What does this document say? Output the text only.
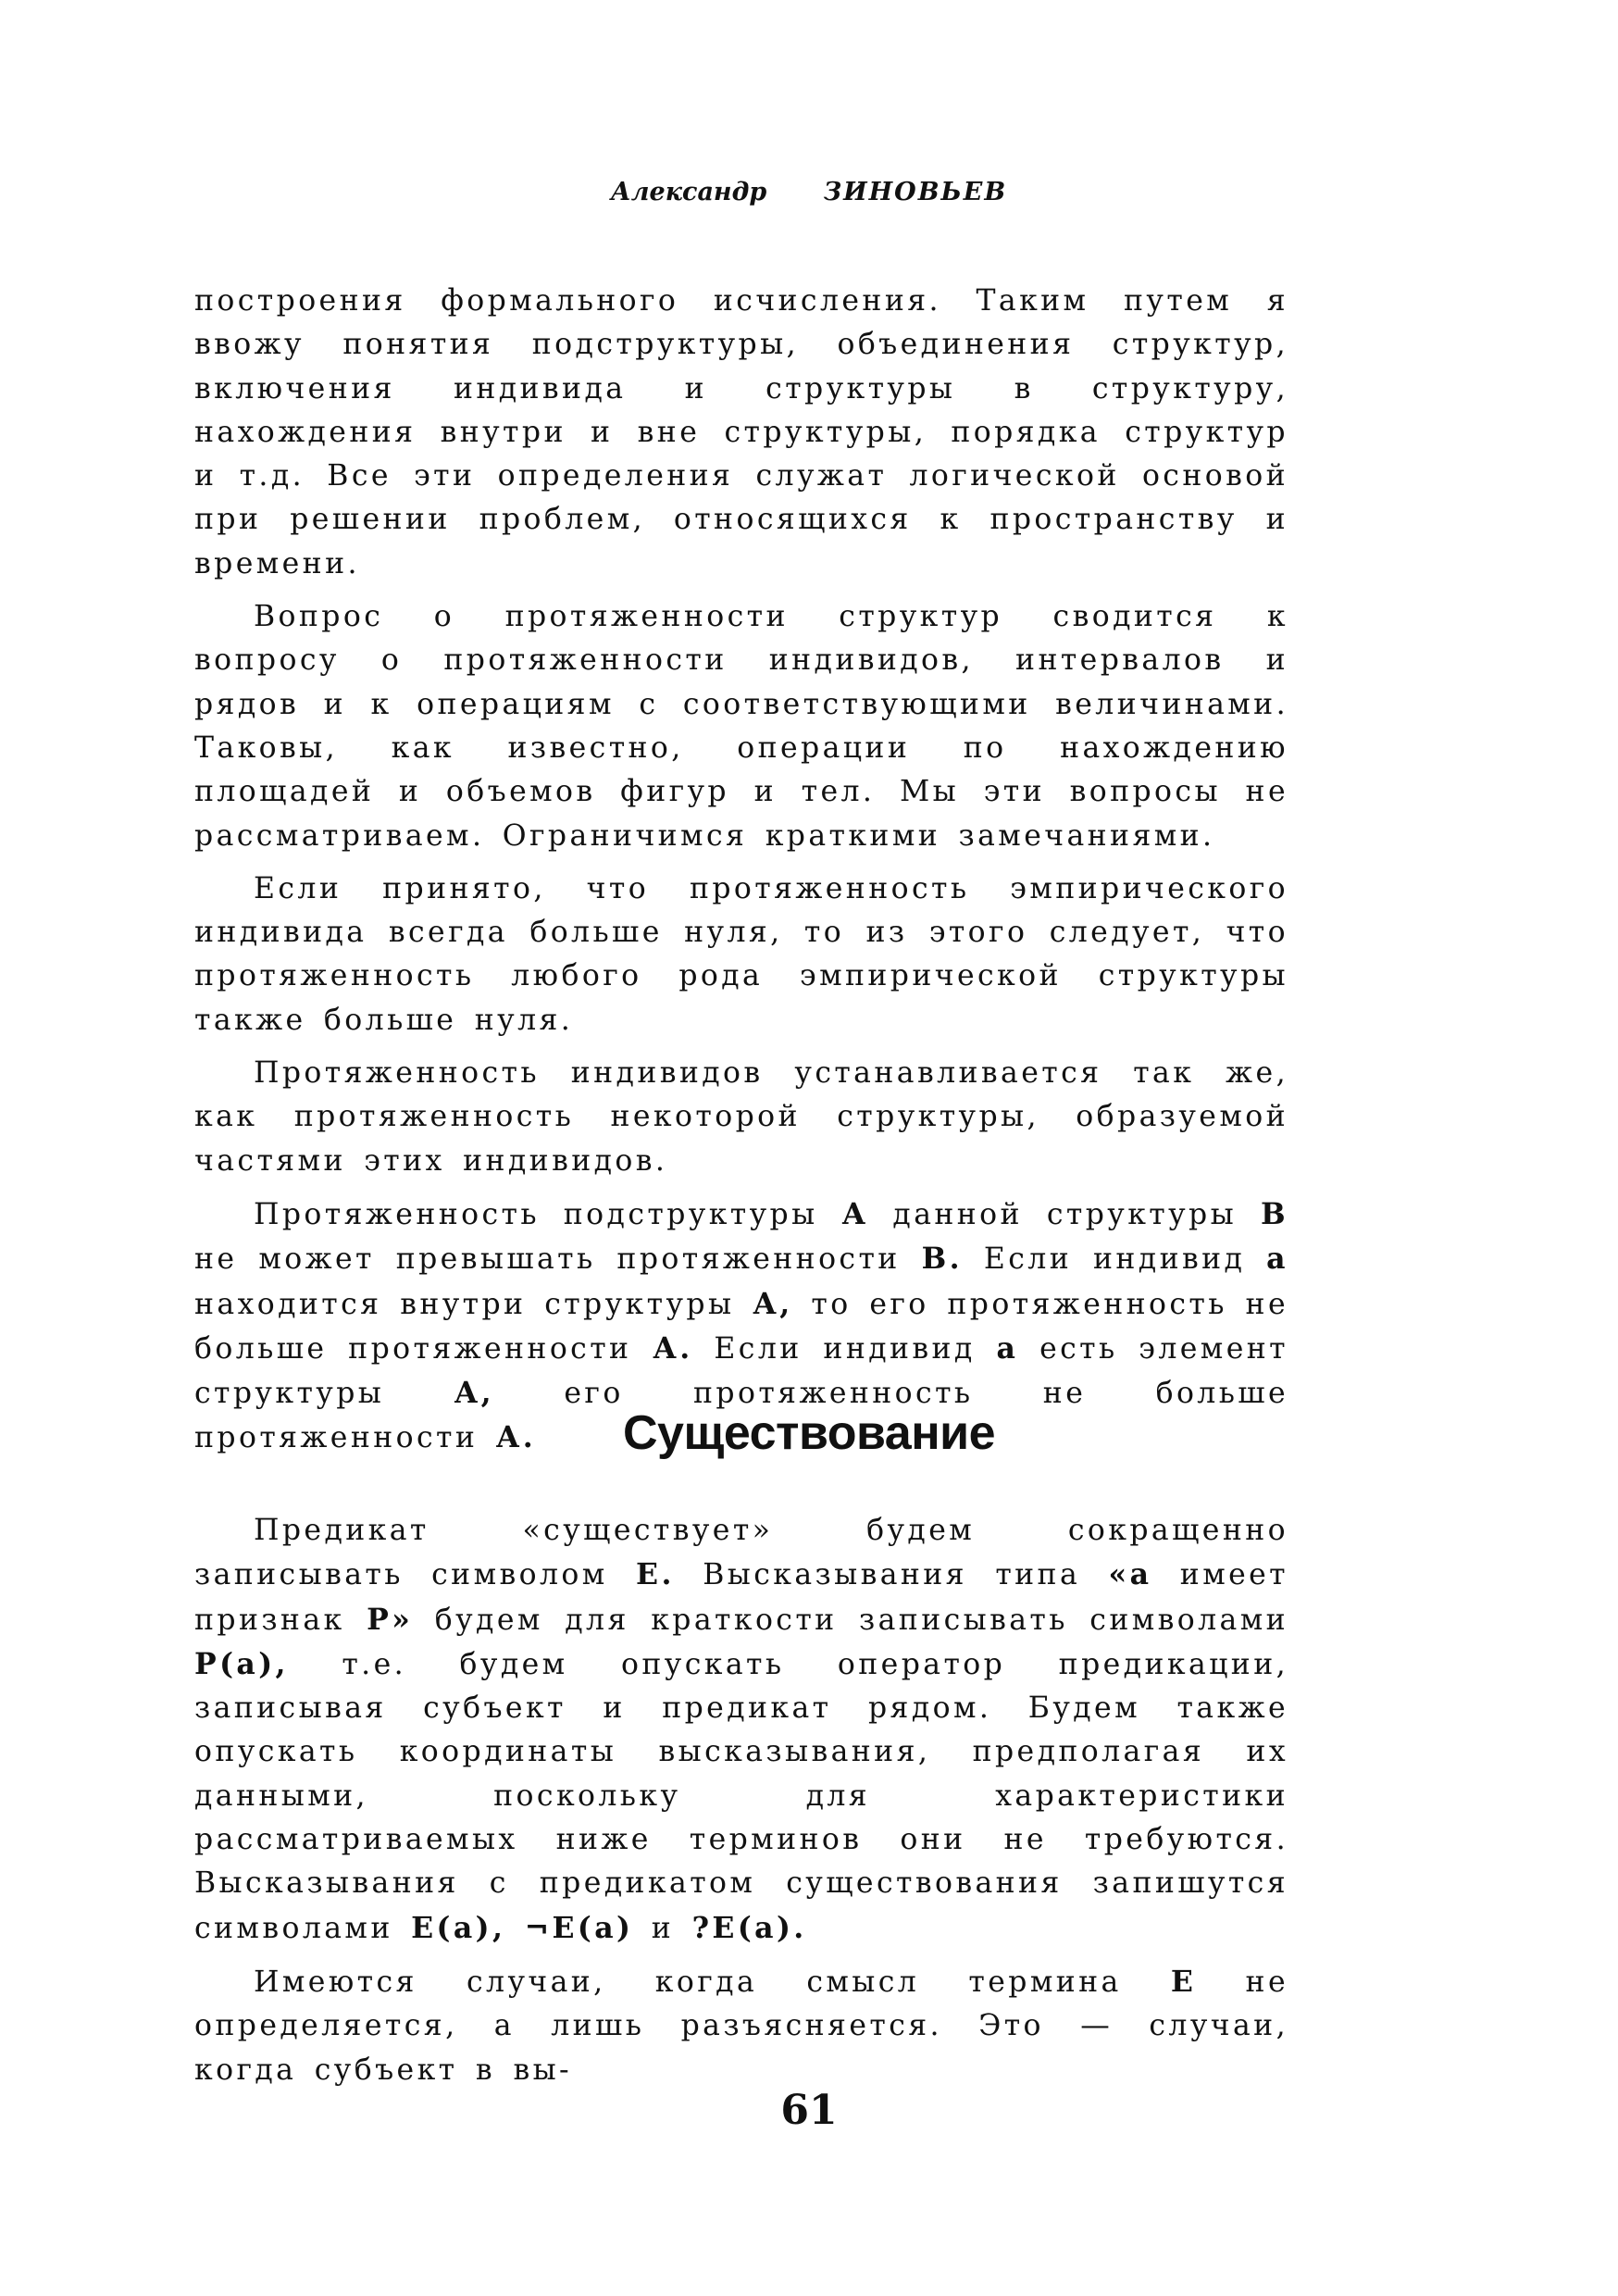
Александр ЗИНОВЬЕВ

построения формального исчисления. Таким путем я ввожу понятия подструктуры, объединения структур, включения индивида и структуры в структуру, нахождения внутри и вне структуры, порядка структур и т.д. Все эти определения служат логической основой при решении проблем, относящихся к пространству и времени.

Вопрос о протяженности структур сводится к вопросу о протяженности индивидов, интервалов и рядов и к операциям с соответствующими величинами. Таковы, как известно, операции по нахождению площадей и объемов фигур и тел. Мы эти вопросы не рассматриваем. Ограничимся краткими замечаниями.

Если принято, что протяженность эмпирического индивида всегда больше нуля, то из этого следует, что протяженность любого рода эмпирической структуры также больше нуля.

Протяженность индивидов устанавливается так же, как протяженность некоторой структуры, образуемой частями этих индивидов.

Протяженность подструктуры А данной структуры В не может превышать протяженности В. Если индивид а находится внутри структуры А, то его протяженность не больше протяженности А. Если индивид а есть элемент структуры А, его протяженность не больше протяженности А.	Существование

Предикат «существует» будем сокращенно записывать символом Е. Высказывания типа «а имеет признак Р» будем для краткости записывать символами Р(а), т.е. будем опускать оператор предикации, записывая субъект и предикат рядом. Будем также опускать координаты высказывания, предполагая их данными, поскольку для характеристики рассматриваемых ниже терминов они не требуются. Высказывания с предикатом существования запишутся символами Е(а), ¬Е(а) и ?Е(а).

Имеются случаи, когда смысл термина Е не определяется, а лишь разъясняется. Это — случаи, когда субъект в вы-

61
